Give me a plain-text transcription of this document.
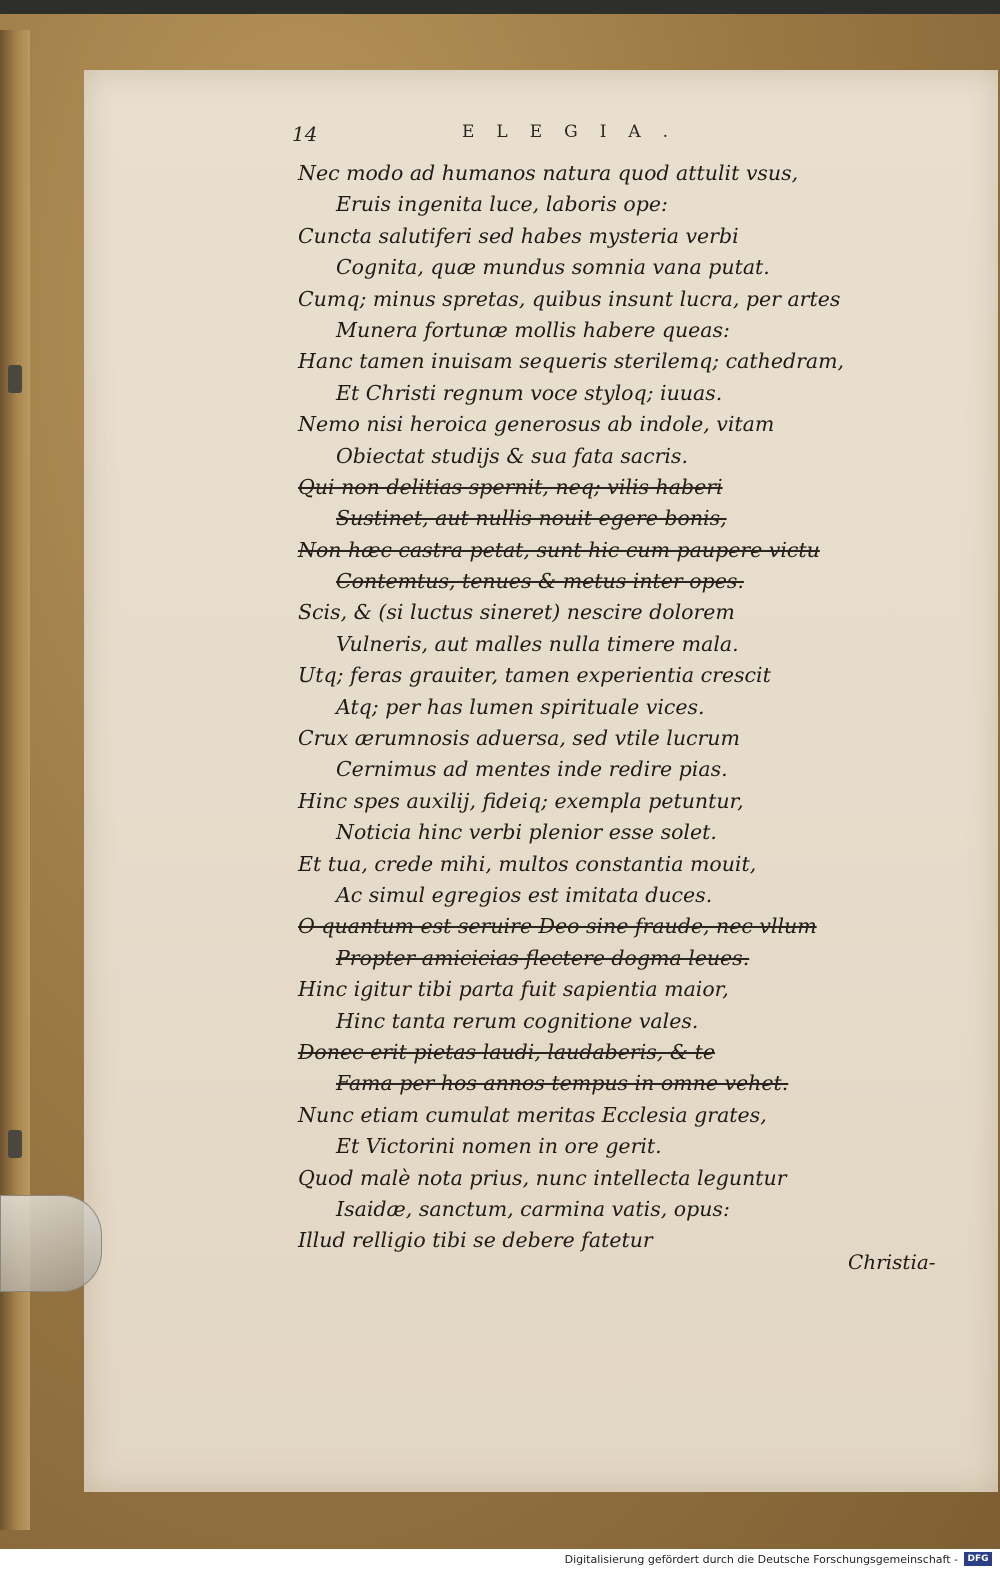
14	ELEGIA.
Nec modo ad humanos natura quod attulit vsus,
Eruis ingenita luce, laboris ope:
Cuncta salutiferi sed habes mysteria verbi
Cognita, quæ mundus somnia vana putat.
Cumq; minus spretas, quibus insunt lucra, per artes
Munera fortunæ mollis habere queas:
Hanc tamen inuisam sequeris sterilemq; cathedram,
Et Christi regnum voce styloq; iuuas.
Nemo nisi heroica generosus ab indole, vitam
Obiectat studijs & sua fata sacris.
Qui non delitias spernit, neq; vilis haberi
Sustinet, aut nullis nouit egere bonis,
Non hæc castra petat, sunt hic cum paupere victu
Contemtus, tenues & metus inter opes.
Scis, & (si luctus sineret) nescire dolorem
Vulneris, aut malles nulla timere mala.
Utq; feras grauiter, tamen experientia crescit
Atq; per has lumen spirituale vices.
Crux ærumnosis aduersa, sed vtile lucrum
Cernimus ad mentes inde redire pias.
Hinc spes auxilij, fideiq; exempla petuntur,
Noticia hinc verbi plenior esse solet.
Et tua, crede mihi, multos constantia mouit,
Ac simul egregios est imitata duces.
O quantum est seruire Deo sine fraude, nec vllum
Propter amicicias flectere dogma leues.
Hinc igitur tibi parta fuit sapientia maior,
Hinc tanta rerum cognitione vales.
Donec erit pietas laudi, laudaberis, & te
Fama per hos annos tempus in omne vehet.
Nunc etiam cumulat meritas Ecclesia grates,
Et Victorini nomen in ore gerit.
Quod malè nota prius, nunc intellecta leguntur
Isaidæ, sanctum, carmina vatis, opus:
Illud relligio tibi se debere fatetur
Christia-
Digitalisierung gefördert durch die Deutsche Forschungsgemeinschaft -	DFG
